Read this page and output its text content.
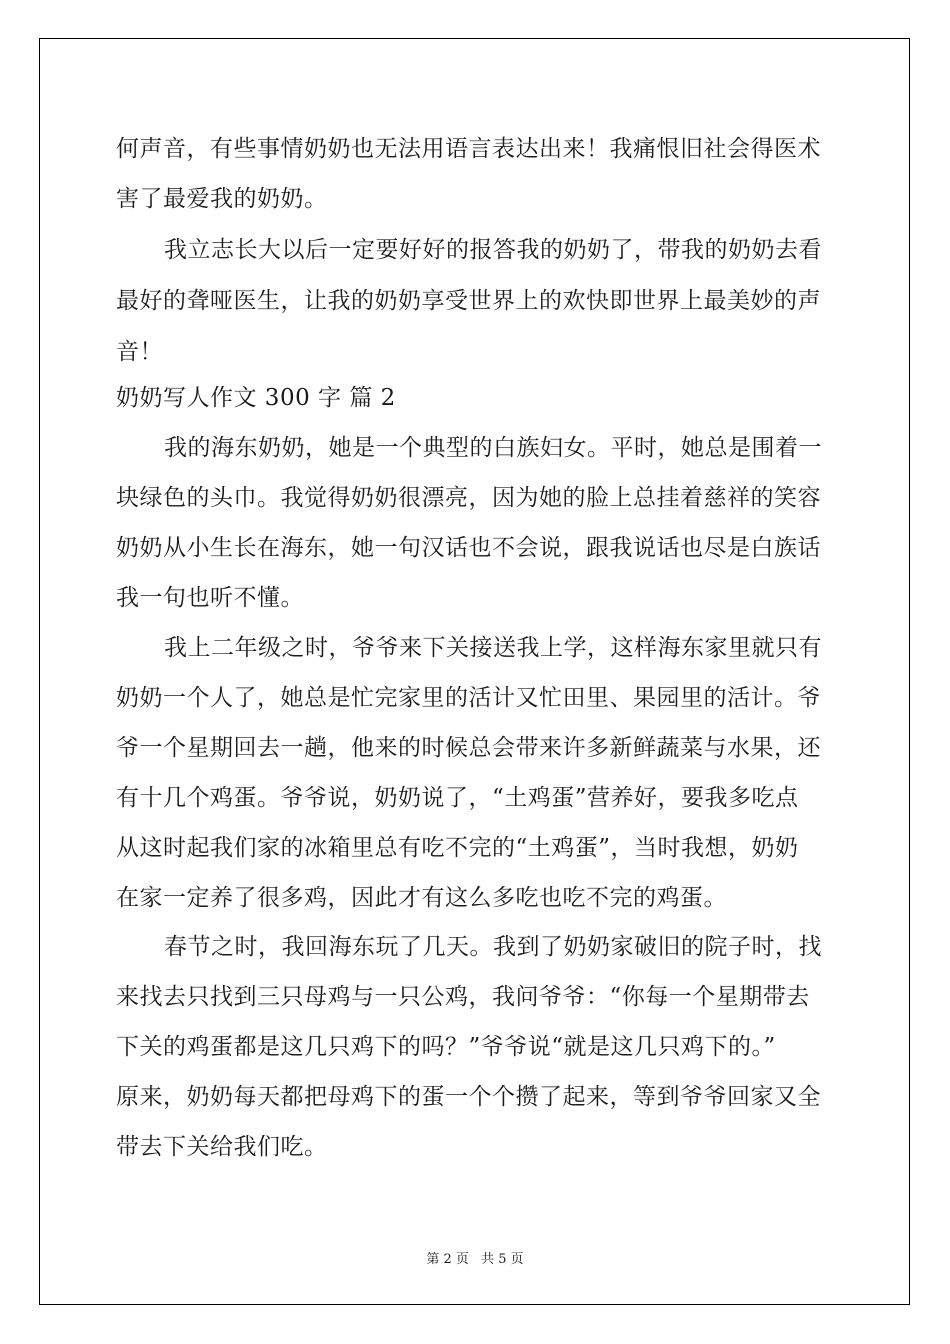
何声音，有些事情奶奶也无法用语言表达出来！我痛恨旧社会得医术
害了最爱我的奶奶。
我立志长大以后一定要好好的报答我的奶奶了，带我的奶奶去看
最好的聋哑医生，让我的奶奶享受世界上的欢快即世界上最美妙的声
音！
奶奶写人作文 300 字 篇 2
我的海东奶奶，她是一个典型的白族妇女。平时，她总是围着一
块绿色的头巾。我觉得奶奶很漂亮，因为她的脸上总挂着慈祥的笑容
奶奶从小生长在海东，她一句汉话也不会说，跟我说话也尽是白族话
我一句也听不懂。
我上二年级之时，爷爷来下关接送我上学，这样海东家里就只有
奶奶一个人了，她总是忙完家里的活计又忙田里、果园里的活计。爷
爷一个星期回去一趟，他来的时候总会带来许多新鲜蔬菜与水果，还
有十几个鸡蛋。爷爷说，奶奶说了，“土鸡蛋”营养好，要我多吃点
从这时起我们家的冰箱里总有吃不完的“土鸡蛋”，当时我想，奶奶
在家一定养了很多鸡，因此才有这么多吃也吃不完的鸡蛋。
春节之时，我回海东玩了几天。我到了奶奶家破旧的院子时，找
来找去只找到三只母鸡与一只公鸡，我问爷爷：“你每一个星期带去
下关的鸡蛋都是这几只鸡下的吗？”爷爷说“就是这几只鸡下的。”
原来，奶奶每天都把母鸡下的蛋一个个攒了起来，等到爷爷回家又全
带去下关给我们吃。
第 2 页 共 5 页
